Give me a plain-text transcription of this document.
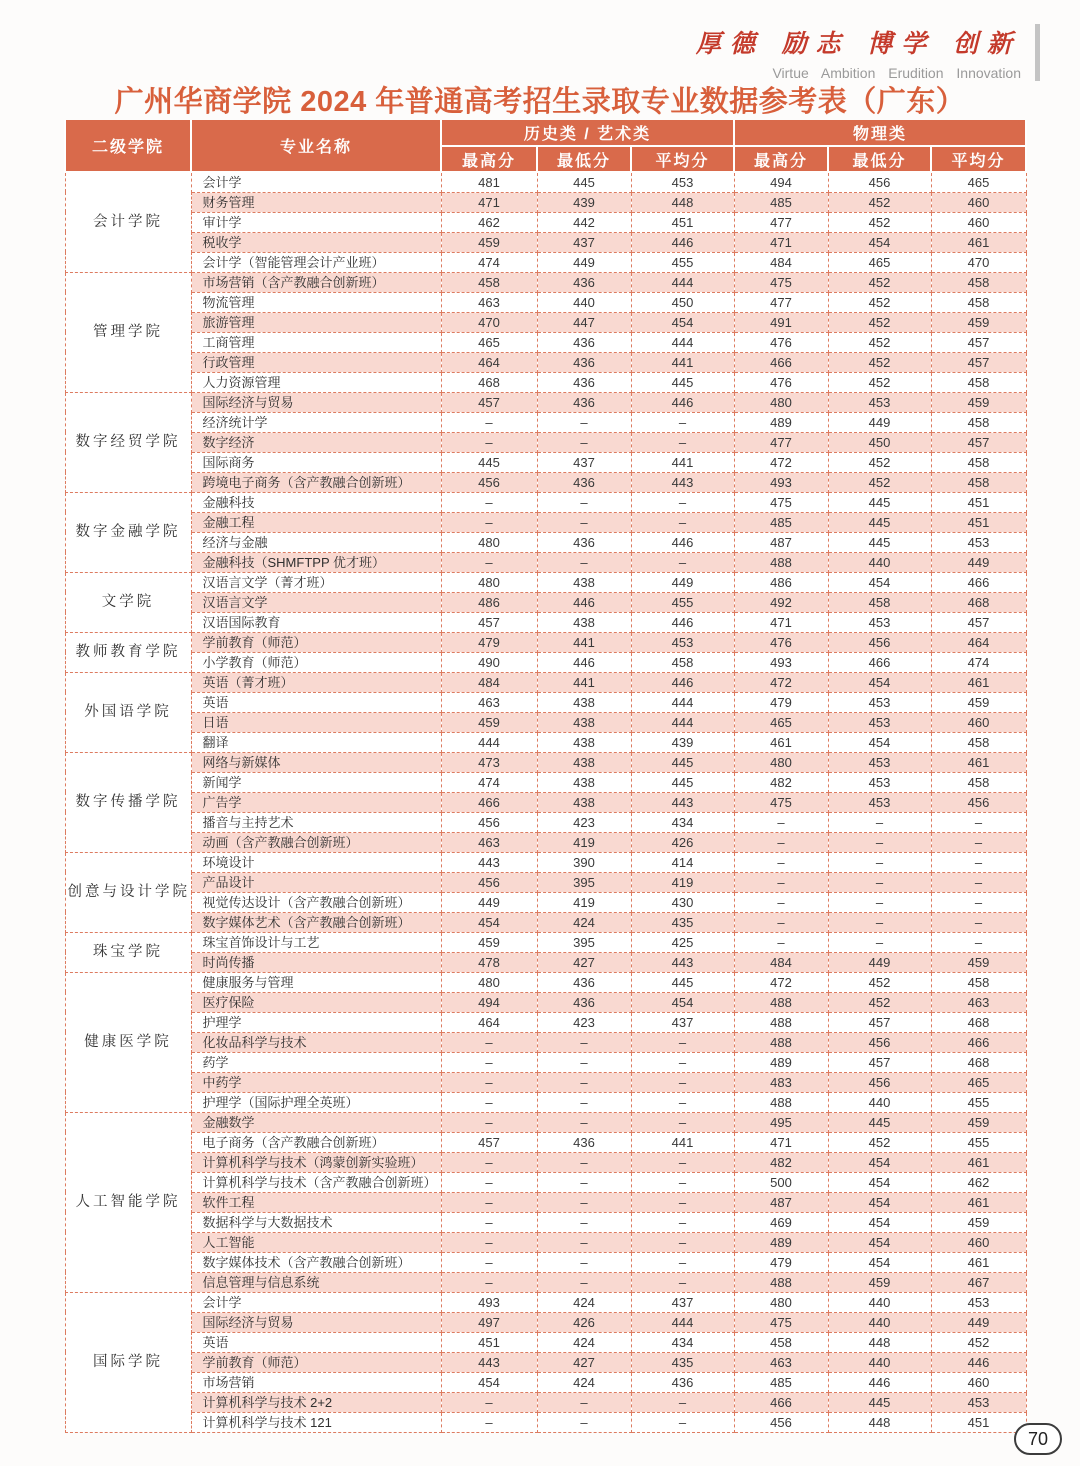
厚德 励志 博学 创新
Virtue Ambition Erudition Innovation
广州华商学院 2024 年普通高考招生录取专业数据参考表（广东）
二级学院	专业名称	历史类 / 艺术类			物理类		
		最高分	最低分	平均分	最高分	最低分	平均分
会计学院	会计学	481	445	453	494	456	465
	财务管理	471	439	448	485	452	460
	审计学	462	442	451	477	452	460
	税收学	459	437	446	471	454	461
	会计学（智能管理会计产业班）	474	449	455	484	465	470
管理学院	市场营销（含产教融合创新班）	458	436	444	475	452	458
	物流管理	463	440	450	477	452	458
	旅游管理	470	447	454	491	452	459
	工商管理	465	436	444	476	452	457
	行政管理	464	436	441	466	452	457
	人力资源管理	468	436	445	476	452	458
数字经贸学院	国际经济与贸易	457	436	446	480	453	459
	经济统计学	–	–	–	489	449	458
	数字经济	–	–	–	477	450	457
	国际商务	445	437	441	472	452	458
	跨境电子商务（含产教融合创新班）	456	436	443	493	452	458
数字金融学院	金融科技	–	–	–	475	445	451
	金融工程	–	–	–	485	445	451
	经济与金融	480	436	446	487	445	453
	金融科技（SHMFTPP 优才班）	–	–	–	488	440	449
文学院	汉语言文学（菁才班）	480	438	449	486	454	466
	汉语言文学	486	446	455	492	458	468
	汉语国际教育	457	438	446	471	453	457
教师教育学院	学前教育（师范）	479	441	453	476	456	464
	小学教育（师范）	490	446	458	493	466	474
外国语学院	英语（菁才班）	484	441	446	472	454	461
	英语	463	438	444	479	453	459
	日语	459	438	444	465	453	460
	翻译	444	438	439	461	454	458
数字传播学院	网络与新媒体	473	438	445	480	453	461
	新闻学	474	438	445	482	453	458
	广告学	466	438	443	475	453	456
	播音与主持艺术	456	423	434	–	–	–
	动画（含产教融合创新班）	463	419	426	–	–	–
创意与设计学院	环境设计	443	390	414	–	–	–
	产品设计	456	395	419	–	–	–
	视觉传达设计（含产教融合创新班）	449	419	430	–	–	–
	数字媒体艺术（含产教融合创新班）	454	424	435	–	–	–
珠宝学院	珠宝首饰设计与工艺	459	395	425	–	–	–
	时尚传播	478	427	443	484	449	459
健康医学院	健康服务与管理	480	436	445	472	452	458
	医疗保险	494	436	454	488	452	463
	护理学	464	423	437	488	457	468
	化妆品科学与技术	–	–	–	488	456	466
	药学	–	–	–	489	457	468
	中药学	–	–	–	483	456	465
	护理学（国际护理全英班）	–	–	–	488	440	455
人工智能学院	金融数学	–	–	–	495	445	459
	电子商务（含产教融合创新班）	457	436	441	471	452	455
	计算机科学与技术（鸿蒙创新实验班）	–	–	–	482	454	461
	计算机科学与技术（含产教融合创新班）	–	–	–	500	454	462
	软件工程	–	–	–	487	454	461
	数据科学与大数据技术	–	–	–	469	454	459
	人工智能	–	–	–	489	454	460
	数字媒体技术（含产教融合创新班）	–	–	–	479	454	461
	信息管理与信息系统	–	–	–	488	459	467
国际学院	会计学	493	424	437	480	440	453
	国际经济与贸易	497	426	444	475	440	449
	英语	451	424	434	458	448	452
	学前教育（师范）	443	427	435	463	440	446
	市场营销	454	424	436	485	446	460
	计算机科学与技术 2+2	–	–	–	466	445	453
	计算机科学与技术 121	–	–	–	456	448	451
70
